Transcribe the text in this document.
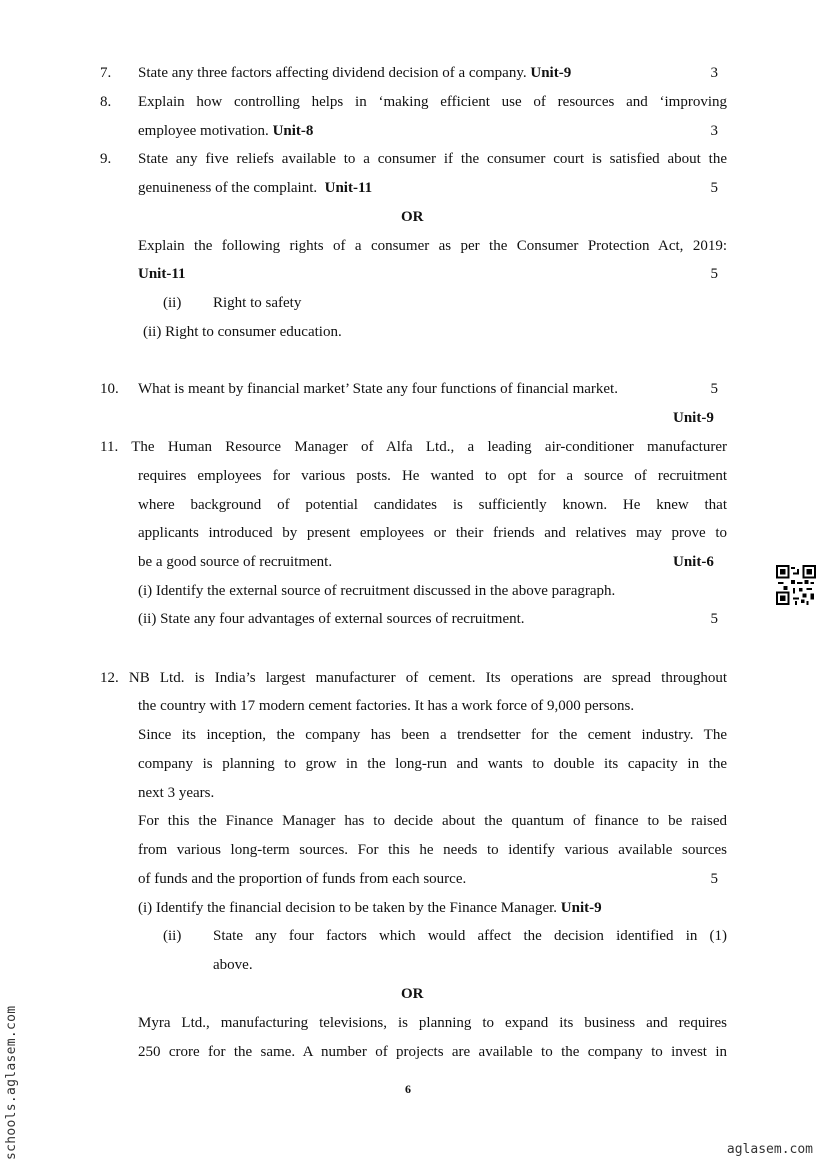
7. State any three factors affecting dividend decision of a company. Unit-9	3
8. Explain how controlling helps in ‘making efficient use of resources and ‘improving
employee motivation. Unit-8	3
9. State any five reliefs available to a consumer if the consumer court is satisfied about the
genuineness of the complaint. Unit-11	5
OR
Explain the following rights of a consumer as per the Consumer Protection Act, 2019:
Unit-11	5
(ii) Right to safety
(ii) Right to consumer education.
10. What is meant by financial market’ State any four functions of financial market.	5
Unit-9
11. The Human Resource Manager of Alfa Ltd., a leading air-conditioner manufacturer
requires employees for various posts. He wanted to opt for a source of recruitment
where background of potential candidates is sufficiently known. He knew that
applicants introduced by present employees or their friends and relatives may prove to
be a good source of recruitment.	Unit-6
(i) Identify the external source of recruitment discussed in the above paragraph.
(ii) State any four advantages of external sources of recruitment.	5
12. NB Ltd. is India’s largest manufacturer of cement. Its operations are spread throughout
the country with 17 modern cement factories. It has a work force of 9,000 persons.
Since its inception, the company has been a trendsetter for the cement industry. The
company is planning to grow in the long-run and wants to double its capacity in the
next 3 years.
For this the Finance Manager has to decide about the quantum of finance to be raised
from various long-term sources. For this he needs to identify various available sources
of funds and the proportion of funds from each source.	5
(i) Identify the financial decision to be taken by the Finance Manager. Unit-9
(ii) State any four factors which would affect the decision identified in (1)
above.
OR
Myra Ltd., manufacturing televisions, is planning to expand its business and requires
250 crore for the same. A number of projects are available to the company to invest in
6
schools.aglasem.com	aglasem.com
